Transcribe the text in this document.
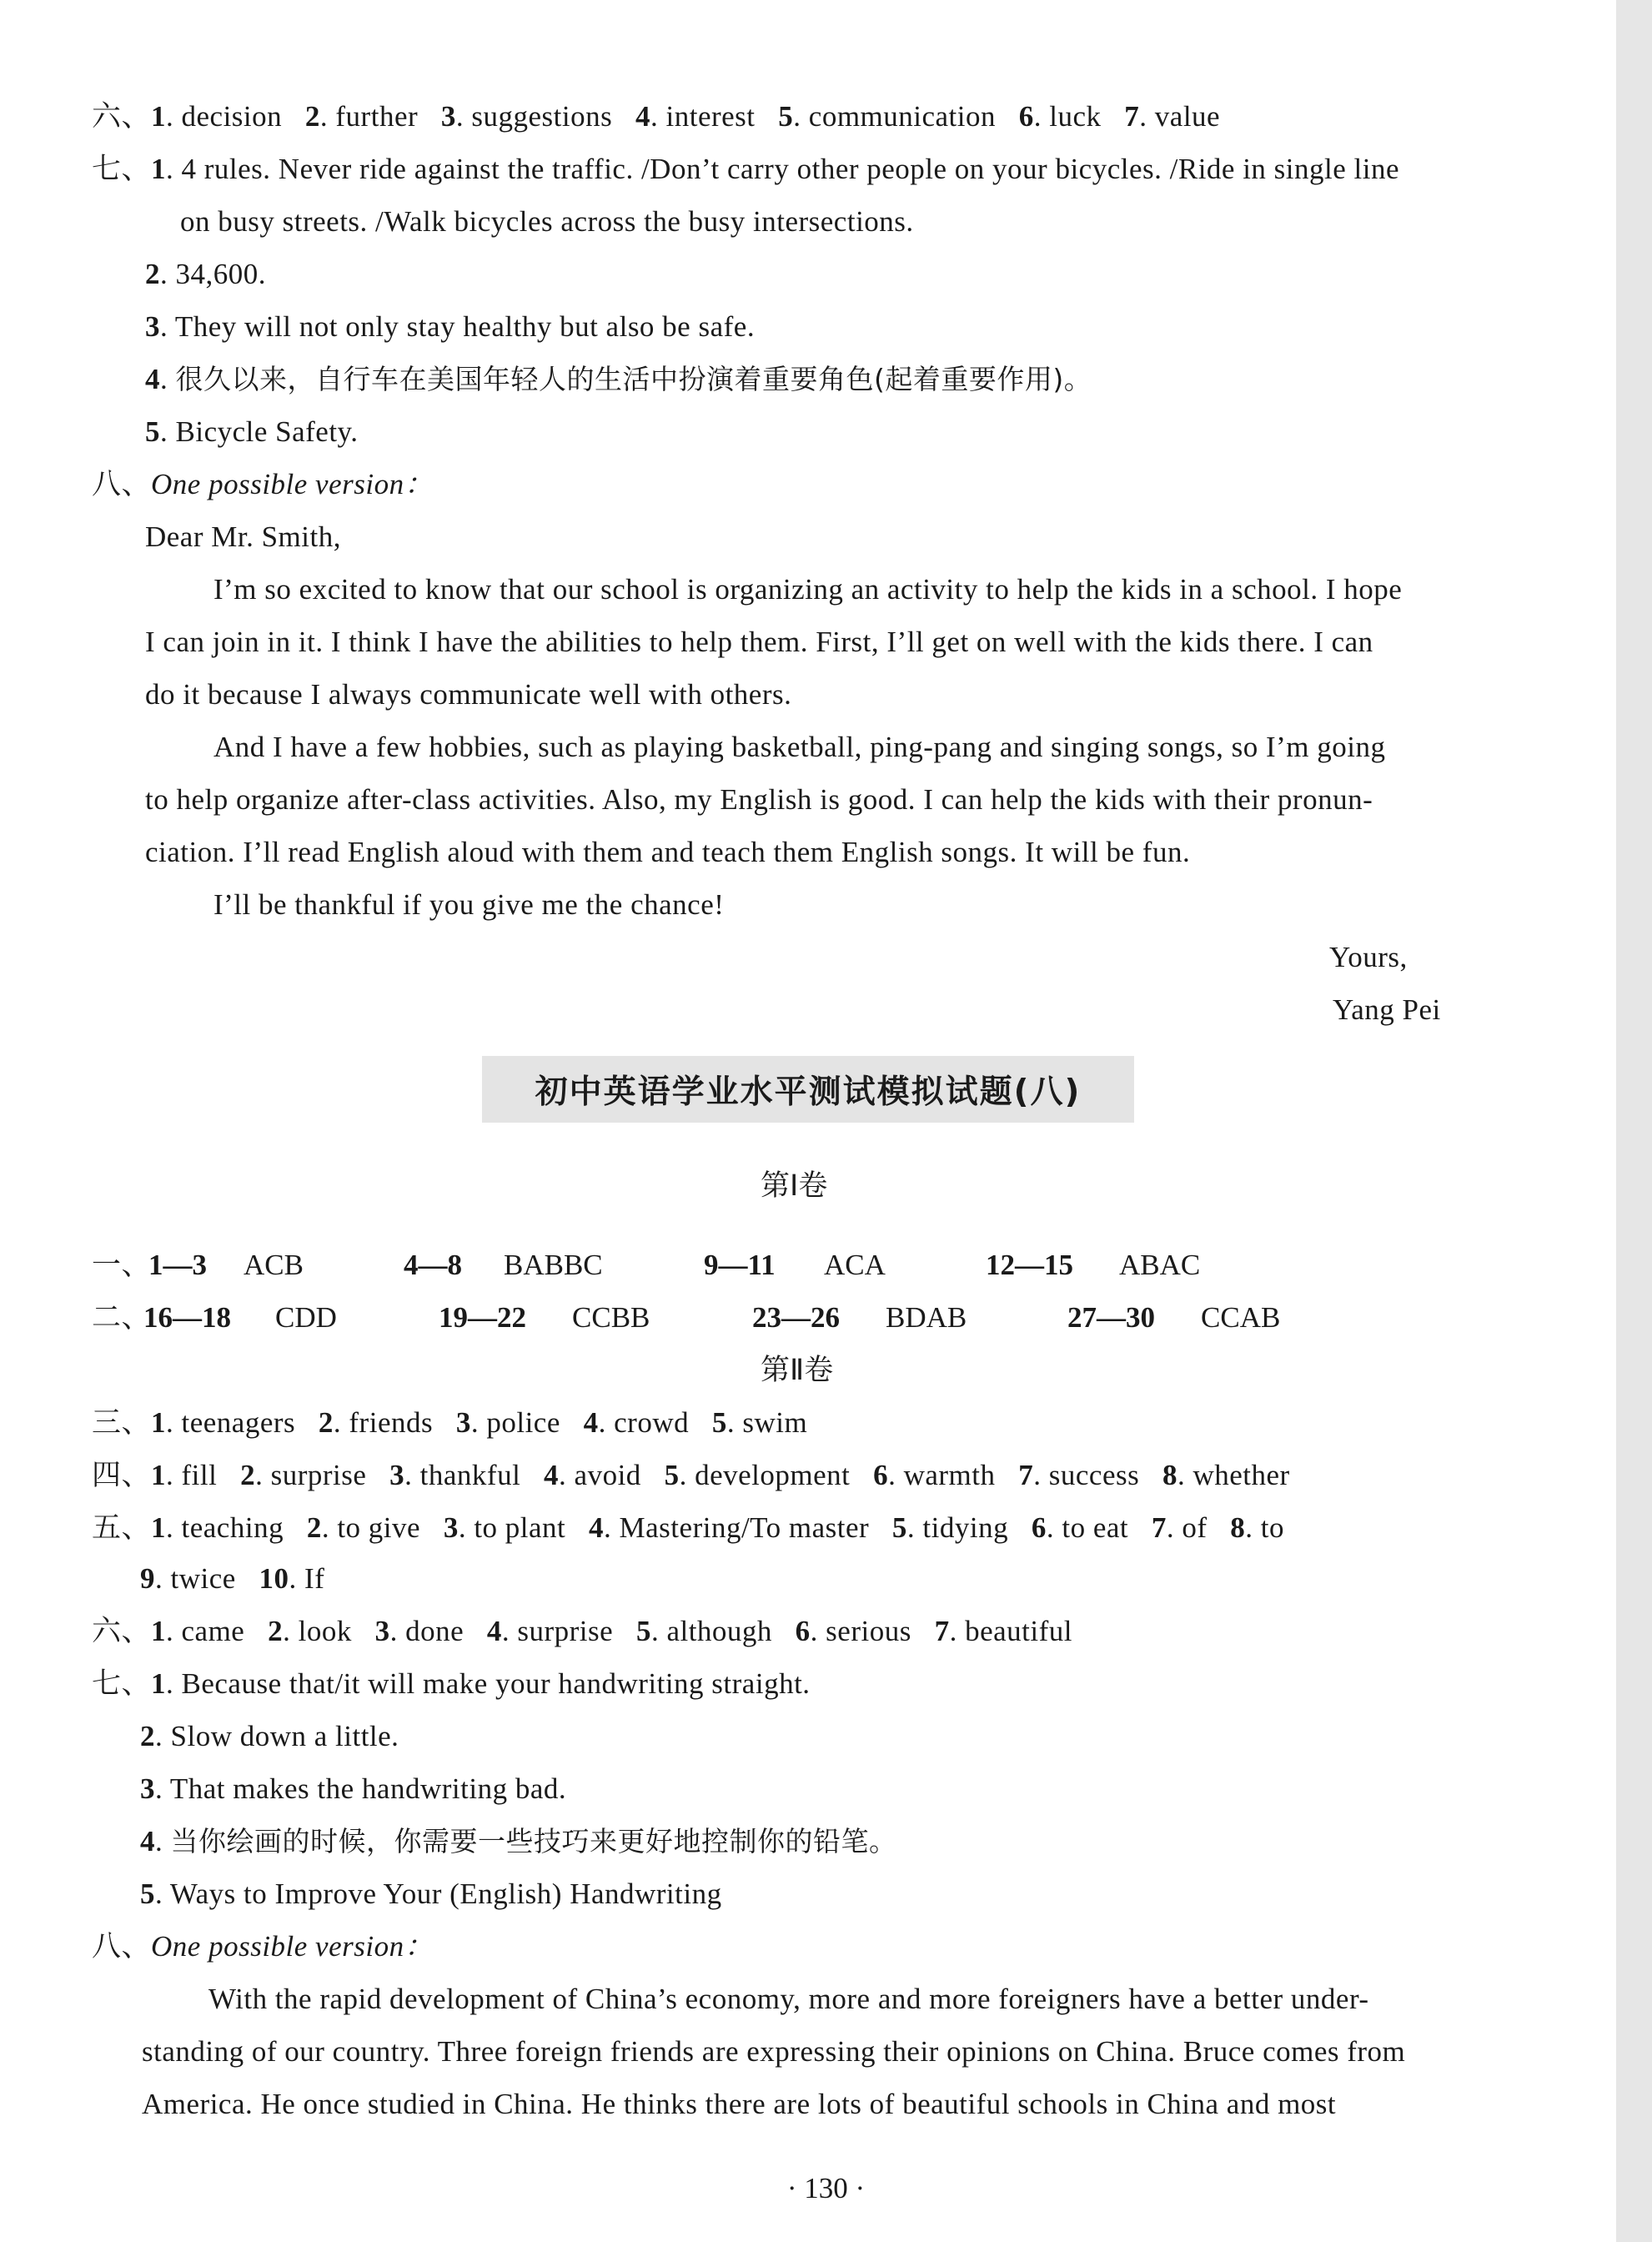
六、1. decision 2. further 3. suggestions 4. interest 5. communication 6. luck 7. value
七、1. 4 rules. Never ride against the traffic. /Don’t carry other people on your bicycles. /Ride in single line
on busy streets. /Walk bicycles across the busy intersections.
2. 34,600.
3. They will not only stay healthy but also be safe.
4. 很久以来，自行车在美国年轻人的生活中扮演着重要角色(起着重要作用)。
5. Bicycle Safety.
八、One possible version：
Dear Mr. Smith,
I’m so excited to know that our school is organizing an activity to help the kids in a school. I hope
I can join in it. I think I have the abilities to help them. First, I’ll get on well with the kids there. I can
do it because I always communicate well with others.
And I have a few hobbies, such as playing basketball, ping-pang and singing songs, so I’m going
to help organize after-class activities. Also, my English is good. I can help the kids with their pronun-
ciation. I’ll read English aloud with them and teach them English songs. It will be fun.
I’ll be thankful if you give me the chance!
Yours,
Yang Pei
初中英语学业水平测试模拟试题(八)
第Ⅰ卷
一、
1—3 ACB	4—8 BABBC	9—11 ACA	12—15 ABAC
二、
16—18 CDD	19—22 CCBB	23—26 BDAB	27—30 CCAB
第Ⅱ卷
三、1. teenagers 2. friends 3. police 4. crowd 5. swim
四、1. fill 2. surprise 3. thankful 4. avoid 5. development 6. warmth 7. success 8. whether
五、1. teaching 2. to give 3. to plant 4. Mastering/To master 5. tidying 6. to eat 7. of 8. to
9. twice 10. If
六、1. came 2. look 3. done 4. surprise 5. although 6. serious 7. beautiful
七、1. Because that/it will make your handwriting straight.
2. Slow down a little.
3. That makes the handwriting bad.
4. 当你绘画的时候，你需要一些技巧来更好地控制你的铅笔。
5. Ways to Improve Your (English) Handwriting
八、One possible version：
With the rapid development of China’s economy, more and more foreigners have a better under-
standing of our country. Three foreign friends are expressing their opinions on China. Bruce comes from
America. He once studied in China. He thinks there are lots of beautiful schools in China and most
· 130 ·
